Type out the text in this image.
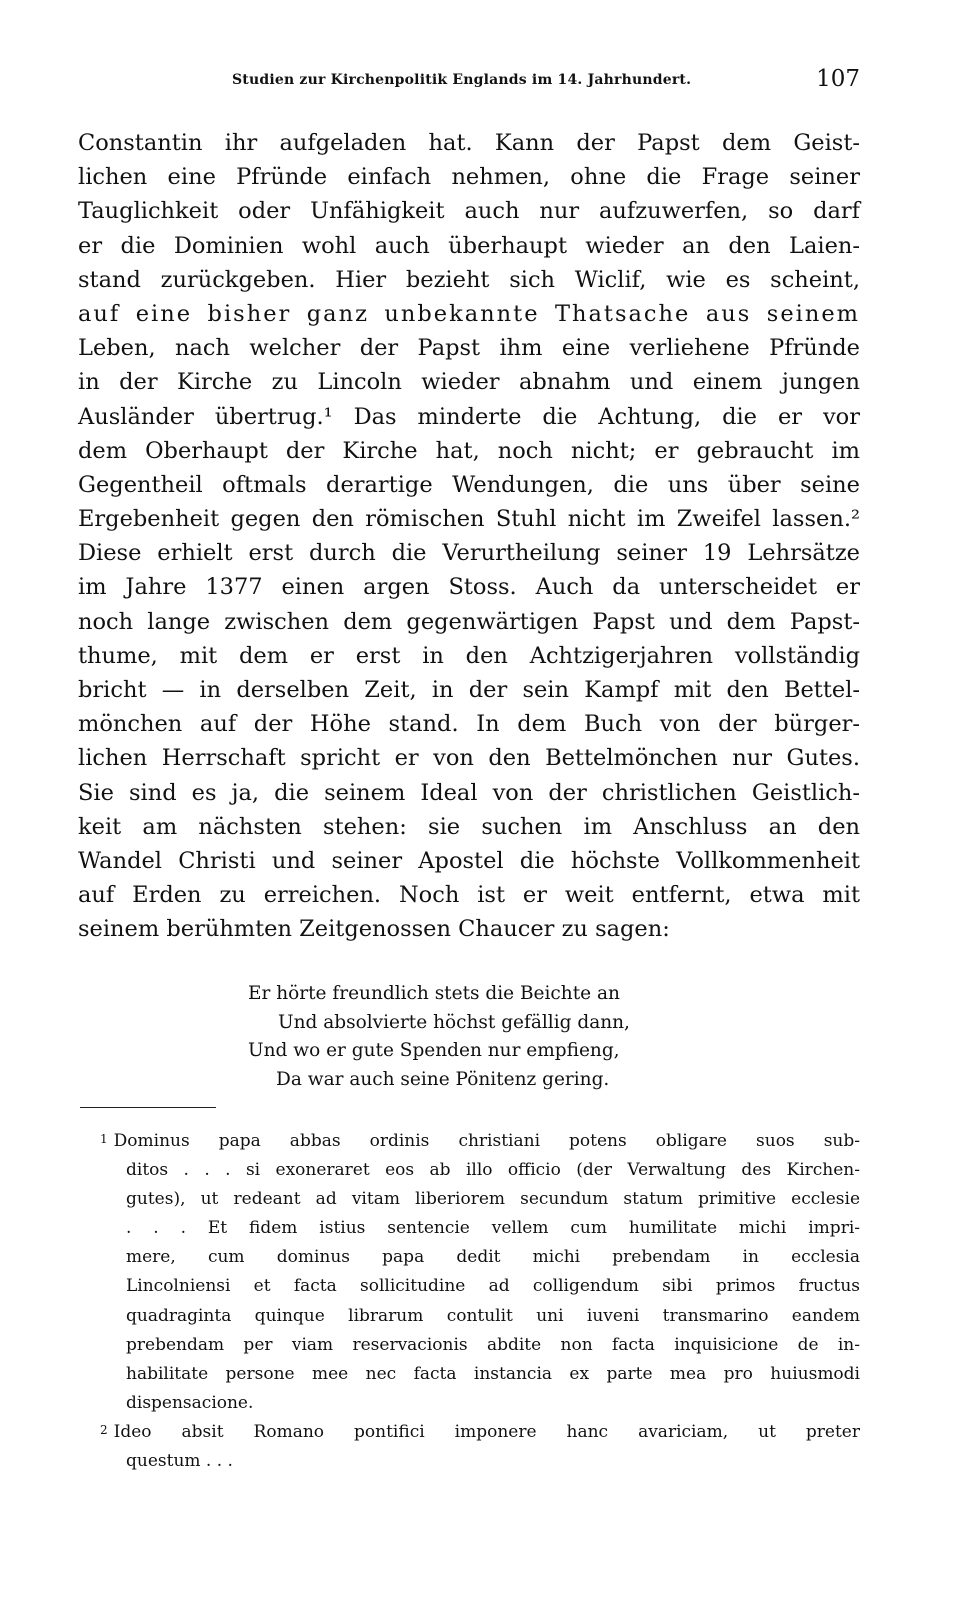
Studien zur Kirchenpolitik Englands im 14. Jahrhundert.	107
Constantin ihr aufgeladen hat. Kann der Papst dem Geist-
lichen eine Pfründe einfach nehmen, ohne die Frage seiner
Tauglichkeit oder Unfähigkeit auch nur aufzuwerfen, so darf
er die Dominien wohl auch überhaupt wieder an den Laien-
stand zurückgeben. Hier bezieht sich Wiclif, wie es scheint,
auf eine bisher ganz unbekannte Thatsache aus seinem
Leben, nach welcher der Papst ihm eine verliehene Pfründe
in der Kirche zu Lincoln wieder abnahm und einem jungen
Ausländer übertrug.¹ Das minderte die Achtung, die er vor
dem Oberhaupt der Kirche hat, noch nicht; er gebraucht im
Gegentheil oftmals derartige Wendungen, die uns über seine
Ergebenheit gegen den römischen Stuhl nicht im Zweifel lassen.²
Diese erhielt erst durch die Verurtheilung seiner 19 Lehrsätze
im Jahre 1377 einen argen Stoss. Auch da unterscheidet er
noch lange zwischen dem gegenwärtigen Papst und dem Papst-
thume, mit dem er erst in den Achtzigerjahren vollständig
bricht — in derselben Zeit, in der sein Kampf mit den Bettel-
mönchen auf der Höhe stand. In dem Buch von der bürger-
lichen Herrschaft spricht er von den Bettelmönchen nur Gutes.
Sie sind es ja, die seinem Ideal von der christlichen Geistlich-
keit am nächsten stehen: sie suchen im Anschluss an den
Wandel Christi und seiner Apostel die höchste Vollkommenheit
auf Erden zu erreichen. Noch ist er weit entfernt, etwa mit
seinem berühmten Zeitgenossen Chaucer zu sagen:
Er hörte freundlich stets die Beichte an
Und absolvierte höchst gefällig dann,
Und wo er gute Spenden nur empfieng,
Da war auch seine Pönitenz gering.
$^1$ Dominus papa abbas ordinis christiani potens obligare suos sub-
ditos . . . si exoneraret eos ab illo officio (der Verwaltung des Kirchen-
gutes), ut redeant ad vitam liberiorem secundum statum primitive ecclesie
. . . Et fidem istius sentencie vellem cum humilitate michi impri-
mere, cum dominus papa dedit michi prebendam in ecclesia
Lincolniensi et facta sollicitudine ad colligendum sibi primos fructus
quadraginta quinque librarum contulit uni iuveni transmarino eandem
prebendam per viam reservacionis abdite non facta inquisicione de in-
habilitate persone mee nec facta instancia ex parte mea pro huiusmodi
dispensacione.
$^2$ Ideo absit Romano pontifici imponere hanc avariciam, ut preter
questum . . .
